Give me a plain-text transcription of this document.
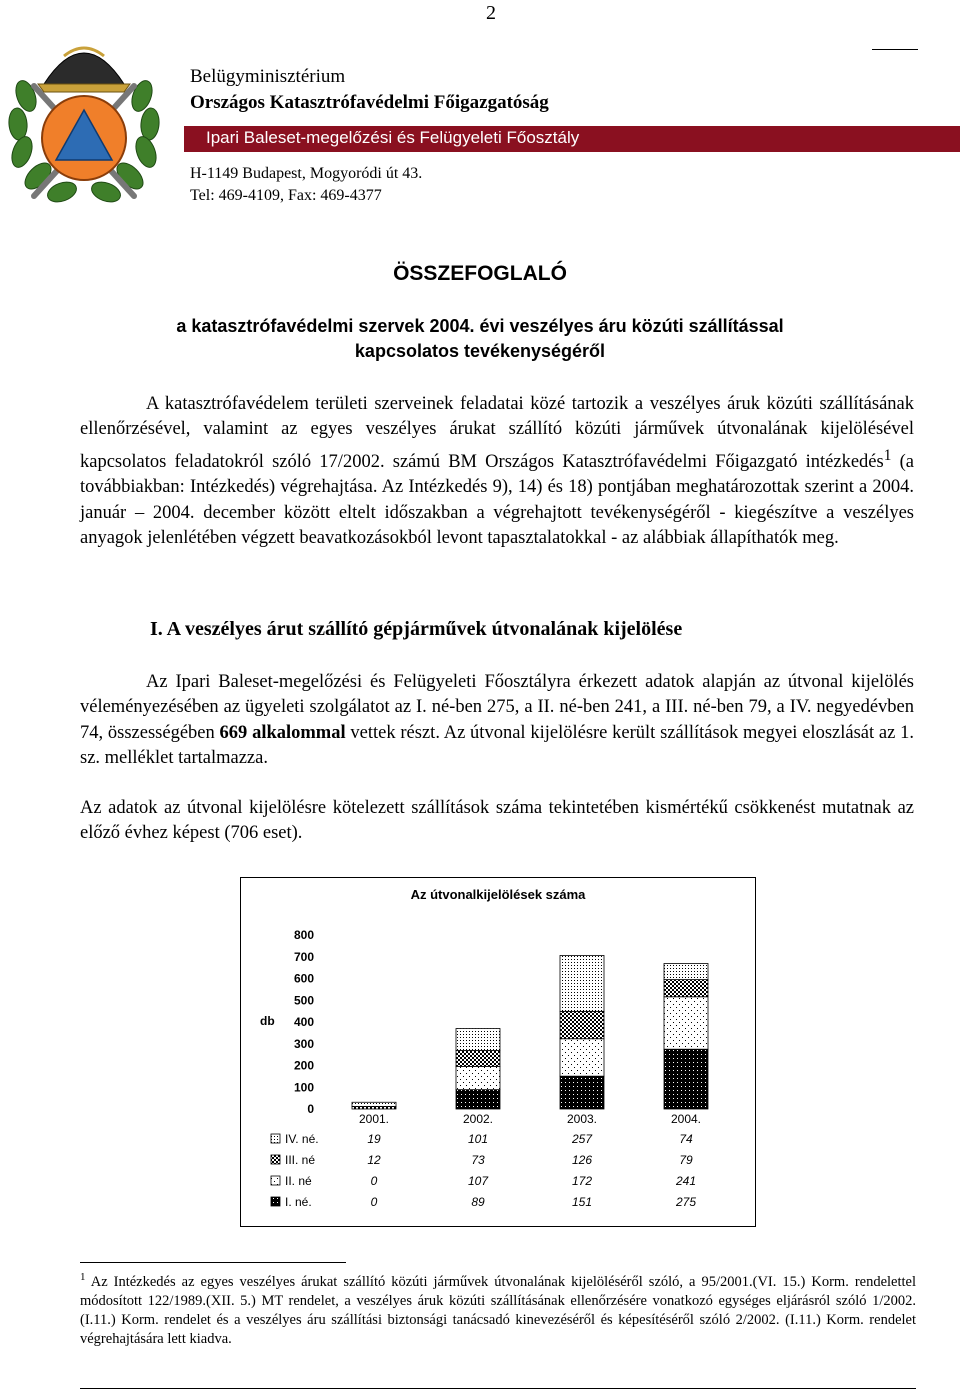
2
Belügyminisztérium
Országos Katasztrófavédelmi Főigazgatóság
Ipari Baleset-megelőzési és Felügyeleti Főosztály
H-1149 Budapest, Mogyoródi út 43.
Tel: 469-4109, Fax: 469-4377
ÖSSZEFOGLALÓ
a katasztrófavédelmi szervek 2004. évi veszélyes áru közúti szállítással
kapcsolatos tevékenységéről
A katasztrófavédelem területi szerveinek feladatai közé tartozik a veszélyes áruk közúti szállításának ellenőrzésével, valamint az egyes veszélyes árukat szállító közúti járművek útvonalának kijelölésével kapcsolatos feladatokról szóló 17/2002. számú BM Országos Katasztrófavédelmi Főigazgató intézkedés$^1$ (a továbbiakban: Intézkedés) végrehajtása. Az Intézkedés 9), 14) és 18) pontjában meghatározottak szerint a 2004. január – 2004. december között eltelt időszakban a végrehajtott tevékenységéről - kiegészítve a veszélyes anyagok jelenlétében végzett beavatkozásokból levont tapasztalatokkal - az alábbiak állapíthatók meg.
I. A veszélyes árut szállító gépjárművek útvonalának kijelölése
Az Ipari Baleset-megelőzési és Felügyeleti Főosztályra érkezett adatok alapján az útvonal kijelölés véleményezésében az ügyeleti szolgálatot az I. né-ben 275, a II. né-ben 241, a III. né-ben 79, a IV. negyedévben 74, összességében 669 alkalommal vettek részt. Az útvonal kijelölésre került szállítások megyei eloszlását az 1. sz. melléklet tartalmazza.
Az adatok az útvonal kijelölésre kötelezett szállítások száma tekintetében kismértékű csökkenést mutatnak az előző évhez képest (706 eset).
Az útvonalkijelölések száma
db
0
100
200
300
400
500
600
700
800
2001.	2002.	2003.	2004.
IV. né.	19	101	257	74
III. né	12	73	126	79
II. né	0	107	172	241
I. né.	0	89	151	275
$^1$ Az Intézkedés az egyes veszélyes árukat szállító közúti járművek útvonalának kijelöléséről szóló, a 95/2001.(VI. 15.) Korm. rendelettel módosított 122/1989.(XII. 5.) MT rendelet, a veszélyes áruk közúti szállításának ellenőrzésére vonatkozó egységes eljárásról szóló 1/2002. (I.11.) Korm. rendelet és a veszélyes áru szállítási biztonsági tanácsadó kinevezéséről és képesítéséről szóló 2/2002. (I.11.) Korm. rendelet végrehajtására lett kiadva.
